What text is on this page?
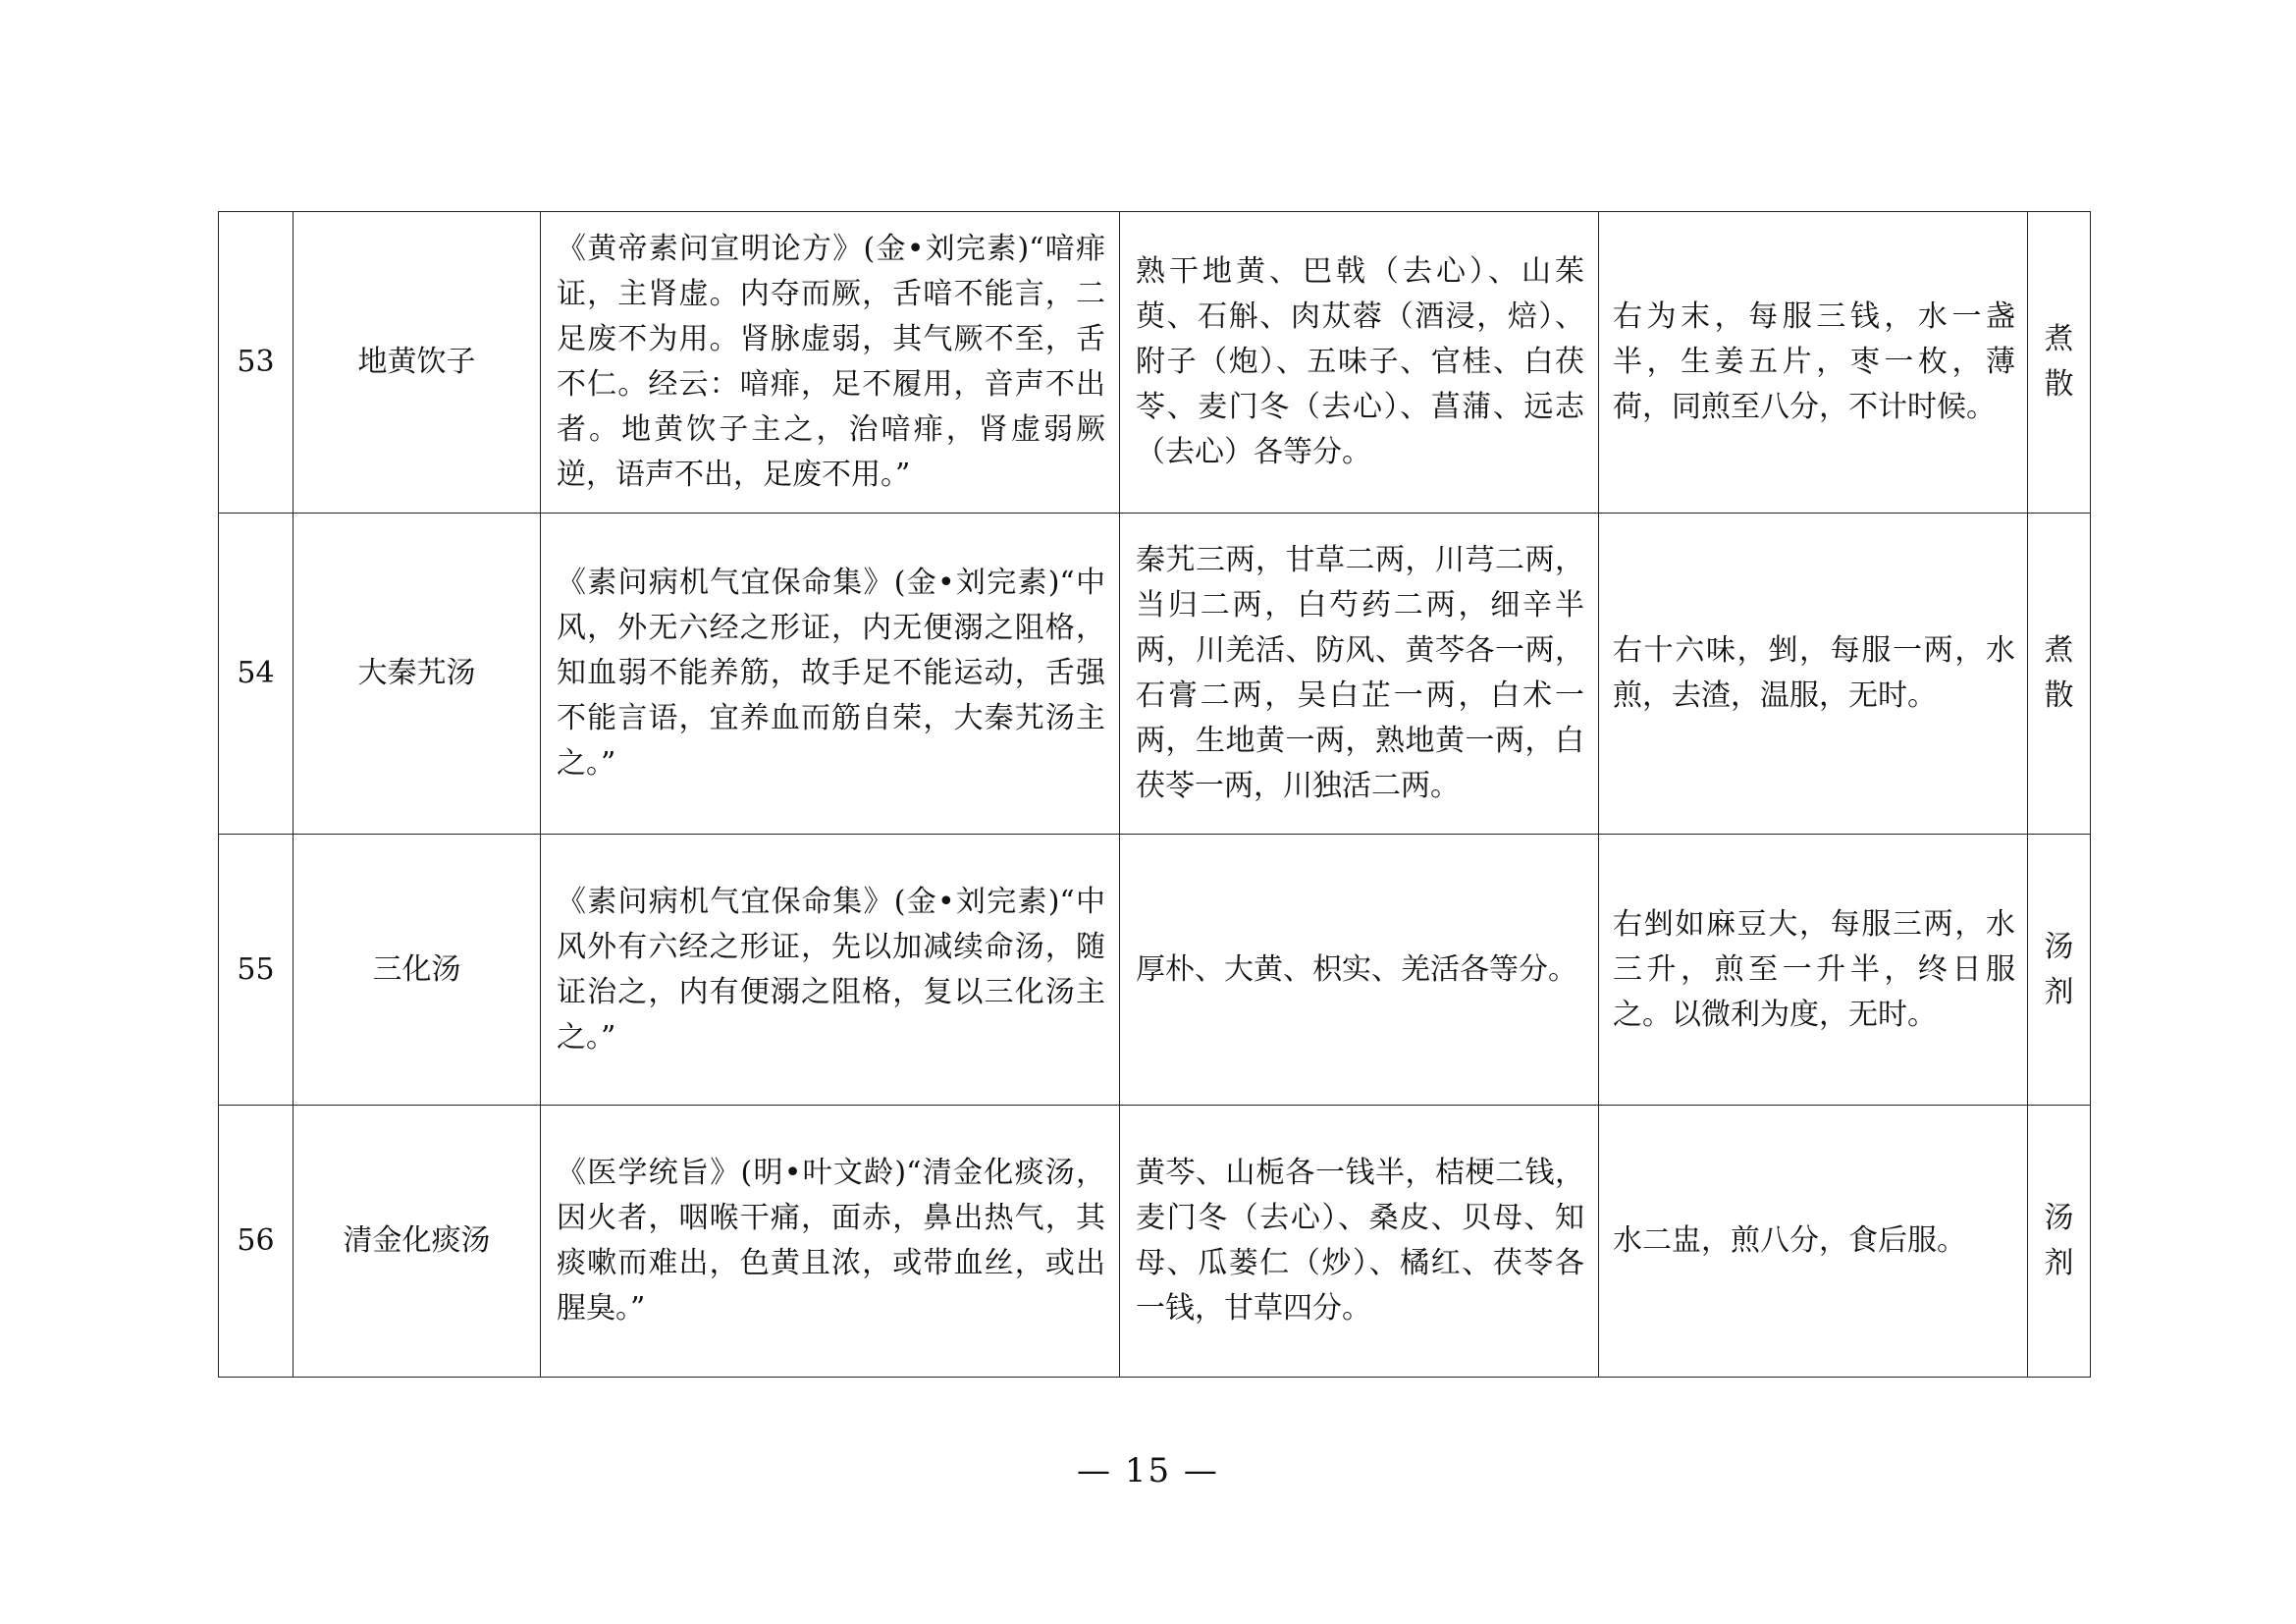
53	地黄饮子	《黄帝素问宣明论方》(金•刘完素)“喑痱证，主肾虚。内夺而厥，舌喑不能言，二足废不为用。肾脉虚弱，其气厥不至，舌不仁。经云：喑痱，足不履用，音声不出者。地黄饮子主之，治喑痱，肾虚弱厥逆，语声不出，足废不用。”	熟干地黄、巴戟（去心）、山茱萸、石斛、肉苁蓉（酒浸，焙）、附子（炮）、五味子、官桂、白茯苓、麦门冬（去心）、菖蒲、远志（去心）各等分。	右为末，每服三钱，水一盏半，生姜五片，枣一枚，薄荷，同煎至八分，不计时候。	煮散

54	大秦艽汤	《素问病机气宜保命集》(金•刘完素)“中风，外无六经之形证，内无便溺之阻格，知血弱不能养筋，故手足不能运动，舌强不能言语，宜养血而筋自荣，大秦艽汤主之。”	秦艽三两，甘草二两，川芎二两，当归二两，白芍药二两，细辛半两，川羌活、防风、黄芩各一两，石膏二两，吴白芷一两，白术一两，生地黄一两，熟地黄一两，白茯苓一两，川独活二两。	右十六味，剉，每服一两，水煎，去渣，温服，无时。	煮散

55	三化汤	《素问病机气宜保命集》(金•刘完素)“中风外有六经之形证，先以加减续命汤，随证治之，内有便溺之阻格，复以三化汤主之。”	厚朴、大黄、枳实、羌活各等分。	右剉如麻豆大，每服三两，水三升，煎至一升半，终日服之。以微利为度，无时。	汤剂

56	清金化痰汤	《医学统旨》(明•叶文龄)“清金化痰汤，因火者，咽喉干痛，面赤，鼻出热气，其痰嗽而难出，色黄且浓，或带血丝，或出腥臭。”	黄芩、山栀各一钱半，桔梗二钱，麦门冬（去心）、桑皮、贝母、知母、瓜蒌仁（炒）、橘红、茯苓各一钱，甘草四分。	水二盅，煎八分，食后服。	汤剂
— 15 —
